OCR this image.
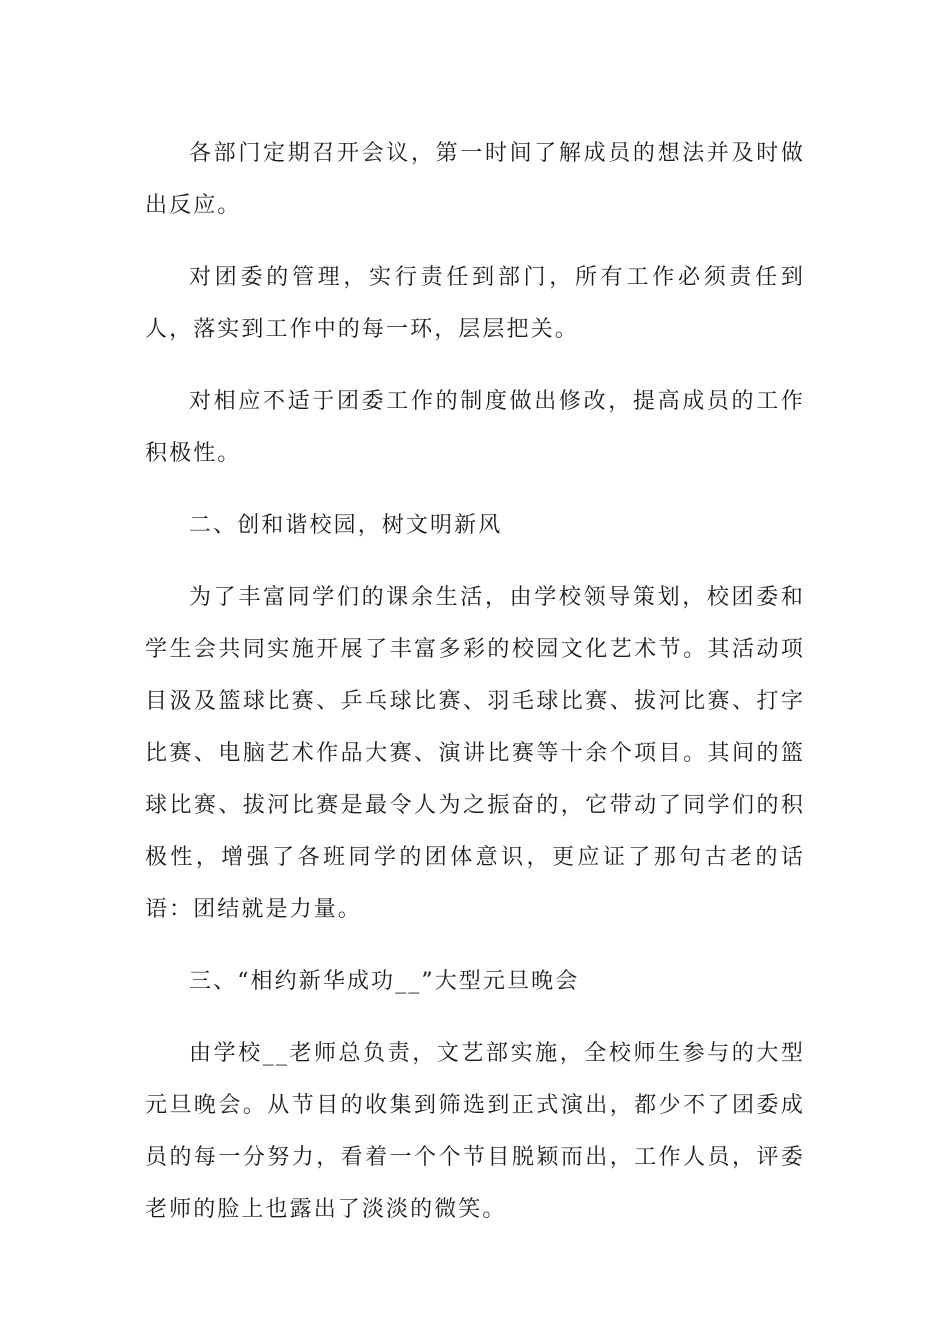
各部门定期召开会议，第一时间了解成员的想法并及时做出反应。

对团委的管理，实行责任到部门，所有工作必须责任到人，落实到工作中的每一环，层层把关。

对相应不适于团委工作的制度做出修改，提高成员的工作积极性。

二、创和谐校园，树文明新风

为了丰富同学们的课余生活，由学校领导策划，校团委和学生会共同实施开展了丰富多彩的校园文化艺术节。其活动项目汲及篮球比赛、乒乓球比赛、羽毛球比赛、拔河比赛、打字比赛、电脑艺术作品大赛、演讲比赛等十余个项目。其间的篮球比赛、拔河比赛是最令人为之振奋的，它带动了同学们的积极性，增强了各班同学的团体意识，更应证了那句古老的话语：团结就是力量。

三、“相约新华成功__”大型元旦晚会

由学校__老师总负责，文艺部实施，全校师生参与的大型元旦晚会。从节目的收集到筛选到正式演出，都少不了团委成员的每一分努力，看着一个个节目脱颖而出，工作人员，评委老师的脸上也露出了淡淡的微笑。
